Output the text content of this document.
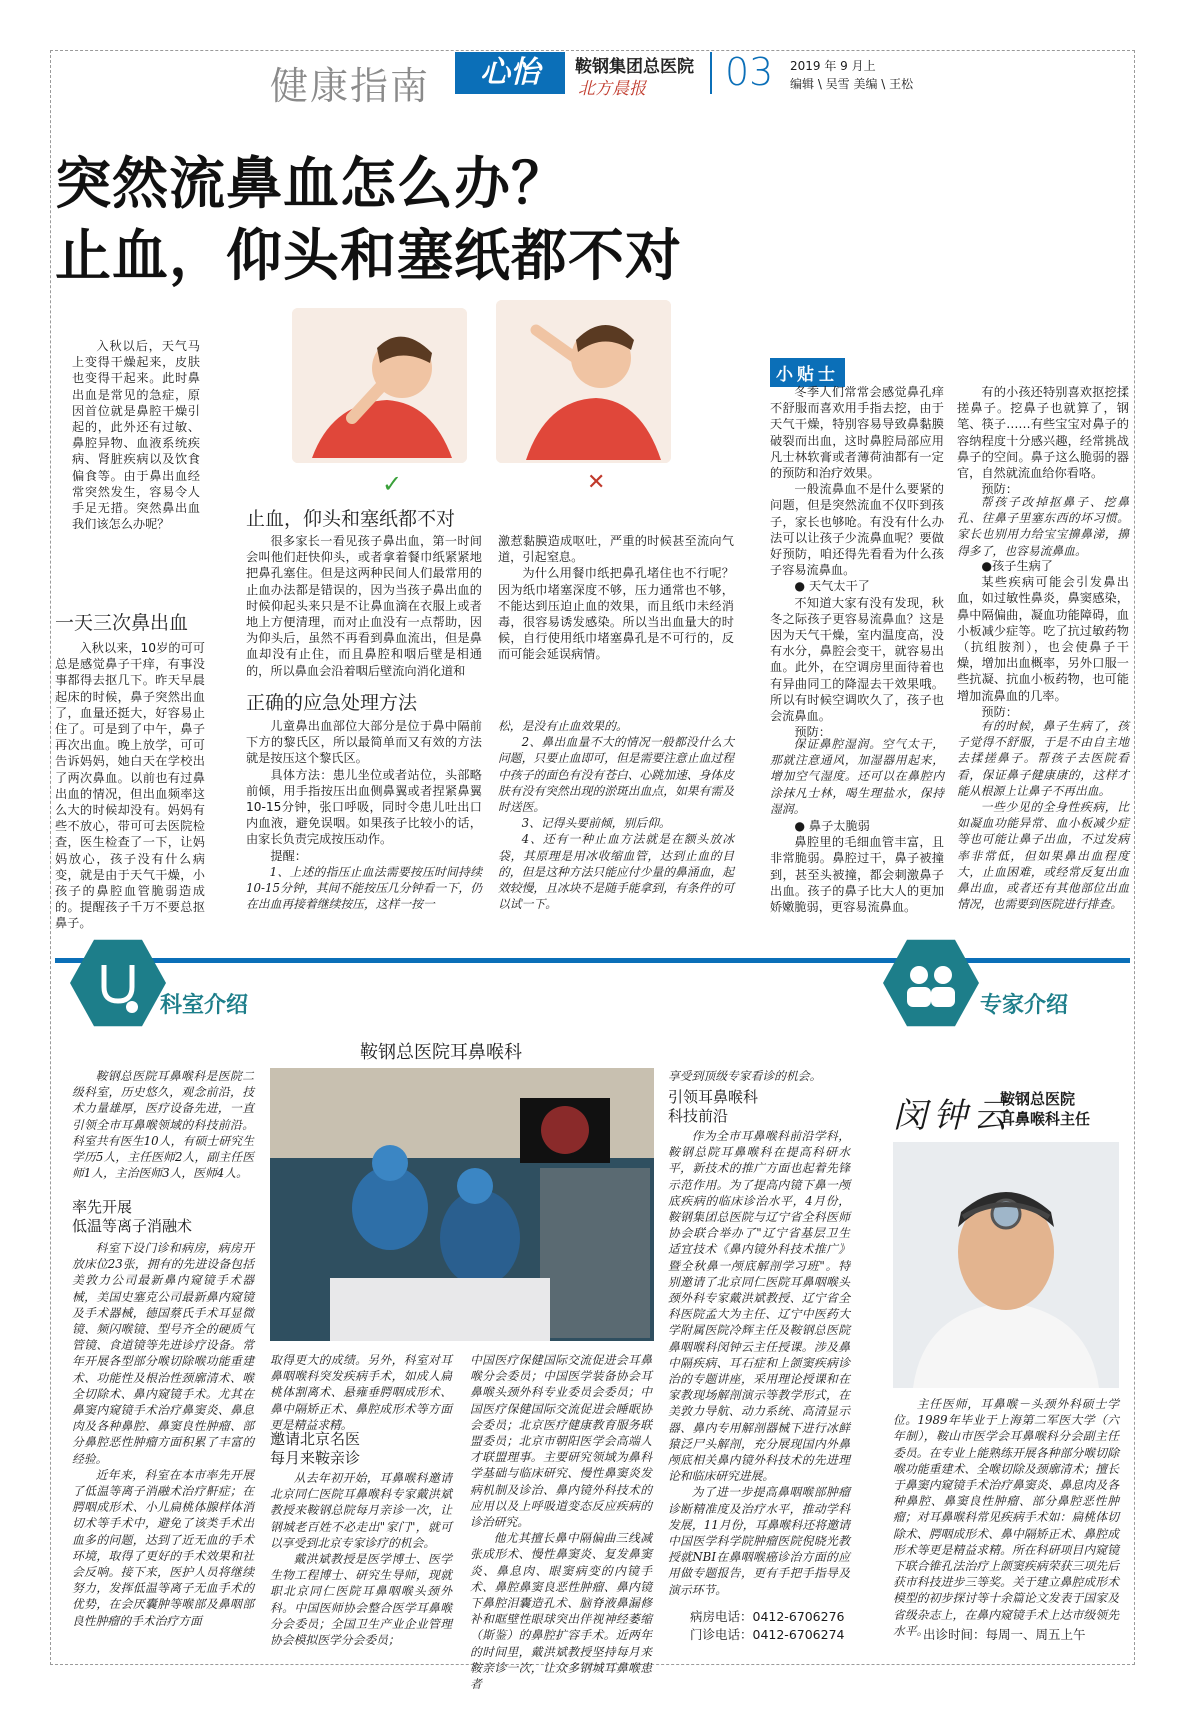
健康指南	心怡	鞍钢集团总医院
北方晨报 03 2019 年 9 月上
编辑 \ 吴雪 美编 \ 王松
突然流鼻血怎么办？
止血，仰头和塞纸都不对

入秋以后，天气马上变得干燥起来，皮肤也变得干起来。此时鼻出血是常见的急症，原因首位就是鼻腔干燥引起的，此外还有过敏、鼻腔异物、血液系统疾病、肾脏疾病以及饮食偏食等。由于鼻出血经常突然发生，容易令人手足无措。突然鼻出血我们该怎么办呢？

✓	✕
一天三次鼻出血

入秋以来，10岁的可可总是感觉鼻子干痒，有事没事都得去抠几下。昨天早晨起床的时候，鼻子突然出血了，血量还挺大，好容易止住了。可是到了中午，鼻子再次出血。晚上放学，可可告诉妈妈，她白天在学校出了两次鼻血。以前也有过鼻出血的情况，但出血频率这么大的时候却没有。妈妈有些不放心，带可可去医院检查，医生检查了一下，让妈妈放心，孩子没有什么病变，就是由于天气干燥，小孩子的鼻腔血管脆弱造成的。提醒孩子千万不要总抠鼻子。

止血，仰头和塞纸都不对

很多家长一看见孩子鼻出血，第一时间会叫他们赶快仰头，或者拿着餐巾纸紧紧地把鼻孔塞住。但是这两种民间人们最常用的止血办法都是错误的，因为当孩子鼻出血的时候仰起头来只是不让鼻血滴在衣服上或者地上方便清理，而对止血没有一点帮助，因为仰头后，虽然不再看到鼻血流出，但是鼻血却没有止住，而且鼻腔和咽后壁是相通的，所以鼻血会沿着咽后壁流向消化道和

激惹黏膜造成呕吐，严重的时候甚至流向气道，引起窒息。

为什么用餐巾纸把鼻孔堵住也不行呢？因为纸巾堵塞深度不够，压力通常也不够，不能达到压迫止血的效果，而且纸巾未经消毒，很容易诱发感染。所以当出血量大的时候，自行使用纸巾堵塞鼻孔是不可行的，反而可能会延误病情。

正确的应急处理方法

儿童鼻出血部位大部分是位于鼻中隔前下方的黎氏区，所以最简单而又有效的方法就是按压这个黎氏区。

具体方法：患儿坐位或者站位，头部略前倾，用手指按压出血侧鼻翼或者捏紧鼻翼10-15分钟，张口呼吸，同时令患儿吐出口内血液，避免误咽。如果孩子比较小的话，由家长负责完成按压动作。

提醒：

1、上述的指压止血法需要按压时间持续10-15分钟，其间不能按压几分钟看一下，仍在出血再接着继续按压，这样一按一

松，是没有止血效果的。

2、鼻出血量不大的情况一般都没什么大问题，只要止血即可，但是需要注意止血过程中孩子的面色有没有苍白、心跳加速、身体皮肤有没有突然出现的淤斑出血点，如果有需及时送医。

3、记得头要前倾，别后仰。

4、还有一种止血方法就是在额头放冰袋，其原理是用冰收缩血管，达到止血的目的，但是这种方法只能应付少量的鼻涌血，起效较慢，且冰块不是随手能拿到，有条件的可以试一下。

小贴士

冬季人们常常会感觉鼻孔痒不舒服而喜欢用手指去挖，由于天气干燥，特别容易导致鼻黏膜破裂而出血，这时鼻腔局部应用凡士林软膏或者薄荷油都有一定的预防和治疗效果。

一般流鼻血不是什么要紧的问题，但是突然流血不仅吓到孩子，家长也够呛。有没有什么办法可以让孩子少流鼻血呢？要做好预防，咱还得先看看为什么孩子容易流鼻血。

● 天气太干了

不知道大家有没有发现，秋冬之际孩子更容易流鼻血？这是因为天气干燥，室内温度高，没有水分，鼻腔会变干，就容易出血。此外，在空调房里面待着也有异曲同工的降湿去干效果哦。所以有时候空调吹久了，孩子也会流鼻血。

预防：

保证鼻腔湿润。空气太干，那就注意通风，加湿器用起来，增加空气湿度。还可以在鼻腔内涂抹凡士林，喝生理盐水，保持湿润。

● 鼻子太脆弱

鼻腔里的毛细血管丰富，且非常脆弱。鼻腔过干，鼻子被撞到，甚至头被撞，都会刺激鼻子出血。孩子的鼻子比大人的更加娇嫩脆弱，更容易流鼻血。

有的小孩还特别喜欢抠挖揉搓鼻子。挖鼻子也就算了，钢笔、筷子……有些宝宝对鼻子的容纳程度十分感兴趣，经常挑战鼻子的空间。鼻子这么脆弱的器官，自然就流血给你看咯。

预防：

帮孩子改掉抠鼻子、挖鼻孔、往鼻子里塞东西的坏习惯。家长也别用力给宝宝擤鼻涕，擤得多了，也容易流鼻血。

●孩子生病了

某些疾病可能会引发鼻出血，如过敏性鼻炎，鼻窦感染，鼻中隔偏曲，凝血功能障碍，血小板减少症等。吃了抗过敏药物（抗组胺剂），也会使鼻子干燥，增加出血概率，另外口服一些抗凝、抗血小板药物，也可能增加流鼻血的几率。

预防：

有的时候，鼻子生病了，孩子觉得不舒服，于是不由自主地去揉搓鼻子。帮孩子去医院看看，保证鼻子健康康的，这样才能从根源上让鼻子不再出血。

一些少见的全身性疾病，比如凝血功能异常、血小板减少症等也可能让鼻子出血，不过发病率非常低，但如果鼻出血程度大，止血困难，或经常反复出血鼻出血，或者还有其他部位出血情况，也需要到医院进行排查。

科室介绍	专家介绍
鞍钢总医院耳鼻喉科

鞍钢总医院耳鼻喉科是医院二级科室，历史悠久，观念前沿，技术力量雄厚，医疗设备先进，一直引领全市耳鼻喉领域的科技前沿。科室共有医生10人，有硕士研究生学历5人，主任医师2人，副主任医师1人，主治医师3人，医师4人。

率先开展
低温等离子消融术

科室下设门诊和病房，病房开放床位23张，拥有的先进设备包括美敦力公司最新鼻内窥镜手术器械，美国史塞克公司最新鼻内窥镜及手术器械，德国蔡氏手术耳显微镜、频闪喉镜、型号齐全的硬质气管镜、食道镜等先进诊疗设备。常年开展各型部分喉切除喉功能重建术、功能性及根治性颈廓清术、喉全切除术、鼻内窥镜手术。尤其在鼻窦内窥镜手术治疗鼻窦炎、鼻息肉及各种鼻腔、鼻窦良性肿瘤、部分鼻腔恶性肿瘤方面积累了丰富的经验。

近年来，科室在本市率先开展了低温等离子消融术治疗鼾症；在腭咽成形术、小儿扁桃体腺样体消切术等手术中，避免了该类手术出血多的问题，达到了近无血的手术环境，取得了更好的手术效果和社会反响。接下来，医护人员将继续努力，发挥低温等离子无血手术的优势，在会厌囊肿等喉部及鼻咽部良性肿瘤的手术治疗方面

取得更大的成绩。另外，科室对耳鼻咽喉科突发疾病手术，如成人扁桃体割离术、悬雍垂腭咽成形术、鼻中隔矫正术、鼻腔成形术等方面更是精益求精。

邀请北京名医
每月来鞍亲诊

从去年初开始，耳鼻喉科邀请北京同仁医院耳鼻喉科专家戴洪斌教授来鞍钢总院每月亲诊一次，让钢城老百姓不必走出"家门"，就可以享受到北京专家诊疗的机会。

戴洪斌教授是医学博士、医学生物工程博士、研究生导师，现就职北京同仁医院耳鼻咽喉头颈外科。中国医师协会整合医学耳鼻喉分会委员；全国卫生产业企业管理协会模拟医学分会委员；

中国医疗保健国际交流促进会耳鼻喉分会委员；中国医学装备协会耳鼻喉头颈外科专业委员会委员；中国医疗保健国际交流促进会睡眠协会委员；北京医疗健康教育服务联盟委员；北京市朝阳医学会高端人才联盟理事。主要研究领域为鼻科学基础与临床研究、慢性鼻窦炎发病机制及诊治、鼻内镜外科技术的应用以及上呼吸道变态反应疾病的诊治研究。

他尤其擅长鼻中隔偏曲三线减张成形术、慢性鼻窦炎、复发鼻窦炎、鼻息肉、眼窦病变的内镜手术、鼻腔鼻窦良恶性肿瘤、鼻内镜下鼻腔泪囊造孔术、脑脊液鼻漏修补和眶壁性眼球突出伴视神经萎缩（斯鉴）的鼻腔扩容手术。近两年的时间里，戴洪斌教授坚持每月来鞍亲诊一次，让众多钢城耳鼻喉患者

享受到顶级专家看诊的机会。

引领耳鼻喉科
科技前沿

作为全市耳鼻喉科前沿学科，鞍钢总院耳鼻喉科在提高科研水平，新技术的推广方面也起着先锋示范作用。为了提高内镜下鼻一颅底疾病的临床诊治水平，4月份，鞍钢集团总医院与辽宁省全科医师协会联合举办了"辽宁省基层卫生适宜技术《鼻内镜外科技术推广》暨全秋鼻一颅底解剖学习班"。特别邀请了北京同仁医院耳鼻咽喉头颈外科专家戴洪斌教授、辽宁省全科医院孟大为主任、辽宁中医药大学附属医院冷辉主任及鞍钢总医院鼻咽喉科闵钟云主任授课。涉及鼻中隔疾病、耳石症和上颌窦疾病诊治的专题讲座，采用理论授课和在家教现场解剖演示等教学形式，在美敦力导航、动力系统、高清显示器、鼻内专用解剖器械下进行冰鲜猿泛尸头解剖，充分展现国内外鼻颅底相关鼻内镜外科技术的先进理论和临床研究进展。

为了进一步提高鼻咽喉部肿瘤诊断精准度及治疗水平，推动学科发展，11月份，耳鼻喉科还将邀请中国医学科学院肿瘤医院倪晓光教授就NBI在鼻咽喉癌诊治方面的应用做专题报告，更有手把手指导及演示环节。

病房电话：0412-6706276
门诊电话：0412-6706274
闵钟云
鞍钢总医院
耳鼻喉科主任

主任医师，耳鼻喉－头颈外科硕士学位。1989年毕业于上海第二军医大学（六年制），鞍山市医学会耳鼻喉科分会副主任委员。在专业上能熟练开展各种部分喉切除喉功能重建术、全喉切除及颈廓清术；擅长于鼻窦内窥镜手术治疗鼻窦炎、鼻息肉及各种鼻腔、鼻窦良性肿瘤、部分鼻腔恶性肿瘤；对耳鼻喉科常见疾病手术如：扁桃体切除术、腭咽成形术、鼻中隔矫正术、鼻腔成形术等更是精益求精。所在科研项目内窥镜下联合锥孔法治疗上颌窦疾病荣获三项先后获市科技进步三等奖。关于建立鼻腔成形术模型的初步探讨等十余篇论文发表于国家及省级杂志上，在鼻内窥镜手术上达市级领先水平。

出诊时间：每周一、周五上午
